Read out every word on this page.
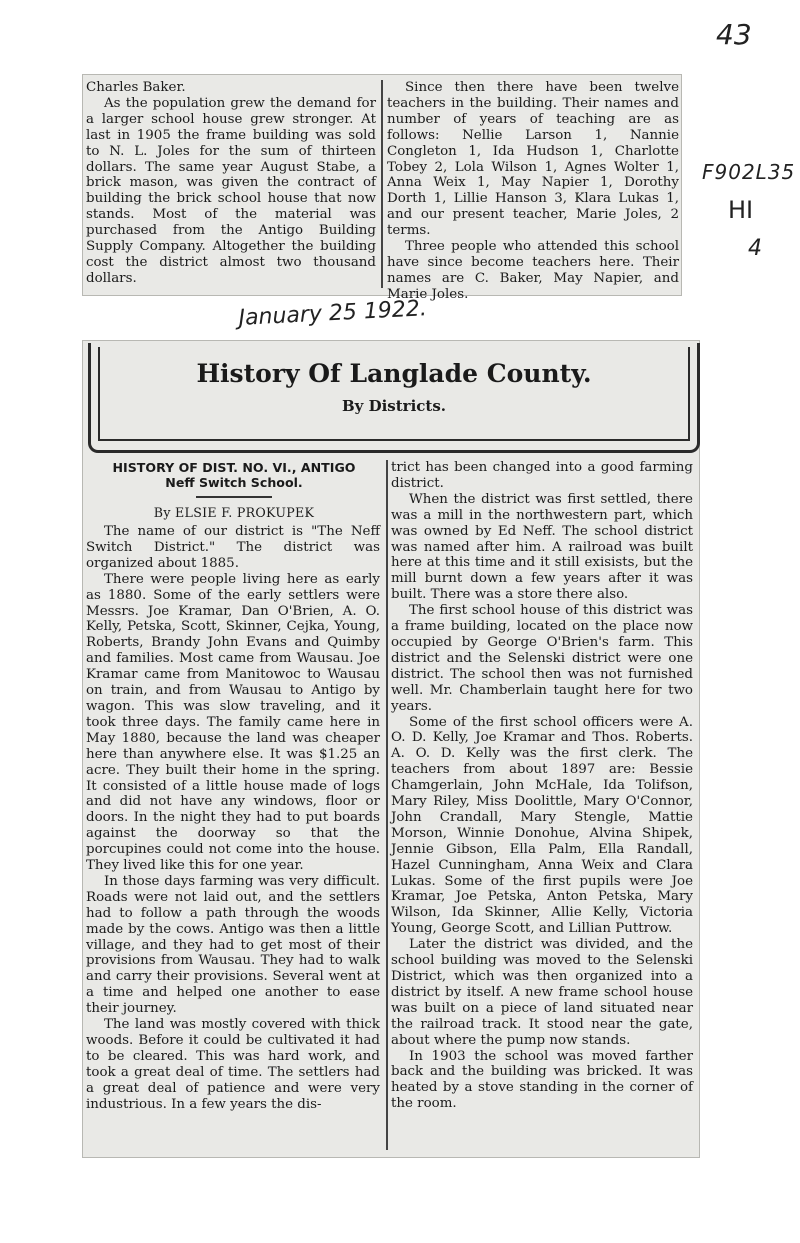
43
F902L35
HI
4
January 25 1922.

Charles Baker.

As the population grew the demand for a larger school house grew stronger. At last in 1905 the frame building was sold to N. L. Joles for the sum of thirteen dollars. The same year August Stabe, a brick mason, was given the contract of building the brick school house that now stands. Most of the material was purchased from the Antigo Building Supply Company. Altogether the building cost the district almost two thousand dollars.

Since then there have been twelve teachers in the building. Their names and number of years of teaching are as follows: Nellie Larson 1, Nannie Congleton 1, Ida Hudson 1, Charlotte Tobey 2, Lola Wilson 1, Agnes Wolter 1, Anna Weix 1, May Napier 1, Dorothy Dorth 1, Lillie Hanson 3, Klara Lukas 1, and our present teacher, Marie Joles, 2 terms.

Three people who attended this school have since become teachers here. Their names are C. Baker, May Napier, and Marie Joles.

History Of Langlade County.
By Districts.
HISTORY OF DIST. NO. VI., ANTIGO
Neff Switch School.
By ELSIE F. PROKUPEK

The name of our district is "The Neff Switch District." The district was organized about 1885.

There were people living here as early as 1880. Some of the early settlers were Messrs. Joe Kramar, Dan O'Brien, A. O. Kelly, Petska, Scott, Skinner, Cejka, Young, Roberts, Brandy John Evans and Quimby and families. Most came from Wausau. Joe Kramar came from Manitowoc to Wausau on train, and from Wausau to Antigo by wagon. This was slow traveling, and it took three days. The family came here in May 1880, because the land was cheaper here than anywhere else. It was $1.25 an acre. They built their home in the spring. It consisted of a little house made of logs and did not have any windows, floor or doors. In the night they had to put boards against the doorway so that the porcupines could not come into the house. They lived like this for one year.

In those days farming was very difficult. Roads were not laid out, and the settlers had to follow a path through the woods made by the cows. Antigo was then a little village, and they had to get most of their provisions from Wausau. They had to walk and carry their provisions. Several went at a time and helped one another to ease their journey.

The land was mostly covered with thick woods. Before it could be cultivated it had to be cleared. This was hard work, and took a great deal of time. The settlers had a great deal of patience and were very industrious. In a few years the dis-

trict has been changed into a good farming district.

When the district was first settled, there was a mill in the northwestern part, which was owned by Ed Neff. The school district was named after him. A railroad was built here at this time and it still exisists, but the mill burnt down a few years after it was built. There was a store there also.

The first school house of this district was a frame building, located on the place now occupied by George O'Brien's farm. This district and the Selenski district were one district. The school then was not furnished well. Mr. Chamberlain taught here for two years.

Some of the first school officers were A. O. D. Kelly, Joe Kramar and Thos. Roberts. A. O. D. Kelly was the first clerk. The teachers from about 1897 are: Bessie Chamgerlain, John McHale, Ida Tolifson, Mary Riley, Miss Doolittle, Mary O'Connor, John Crandall, Mary Stengle, Mattie Morson, Winnie Donohue, Alvina Shipek, Jennie Gibson, Ella Palm, Ella Randall, Hazel Cunningham, Anna Weix and Clara Lukas. Some of the first pupils were Joe Kramar, Joe Petska, Anton Petska, Mary Wilson, Ida Skinner, Allie Kelly, Victoria Young, George Scott, and Lillian Puttrow.

Later the district was divided, and the school building was moved to the Selenski District, which was then organized into a district by itself. A new frame school house was built on a piece of land situated near the railroad track. It stood near the gate, about where the pump now stands.

In 1903 the school was moved farther back and the building was bricked. It was heated by a stove standing in the corner of the room.
